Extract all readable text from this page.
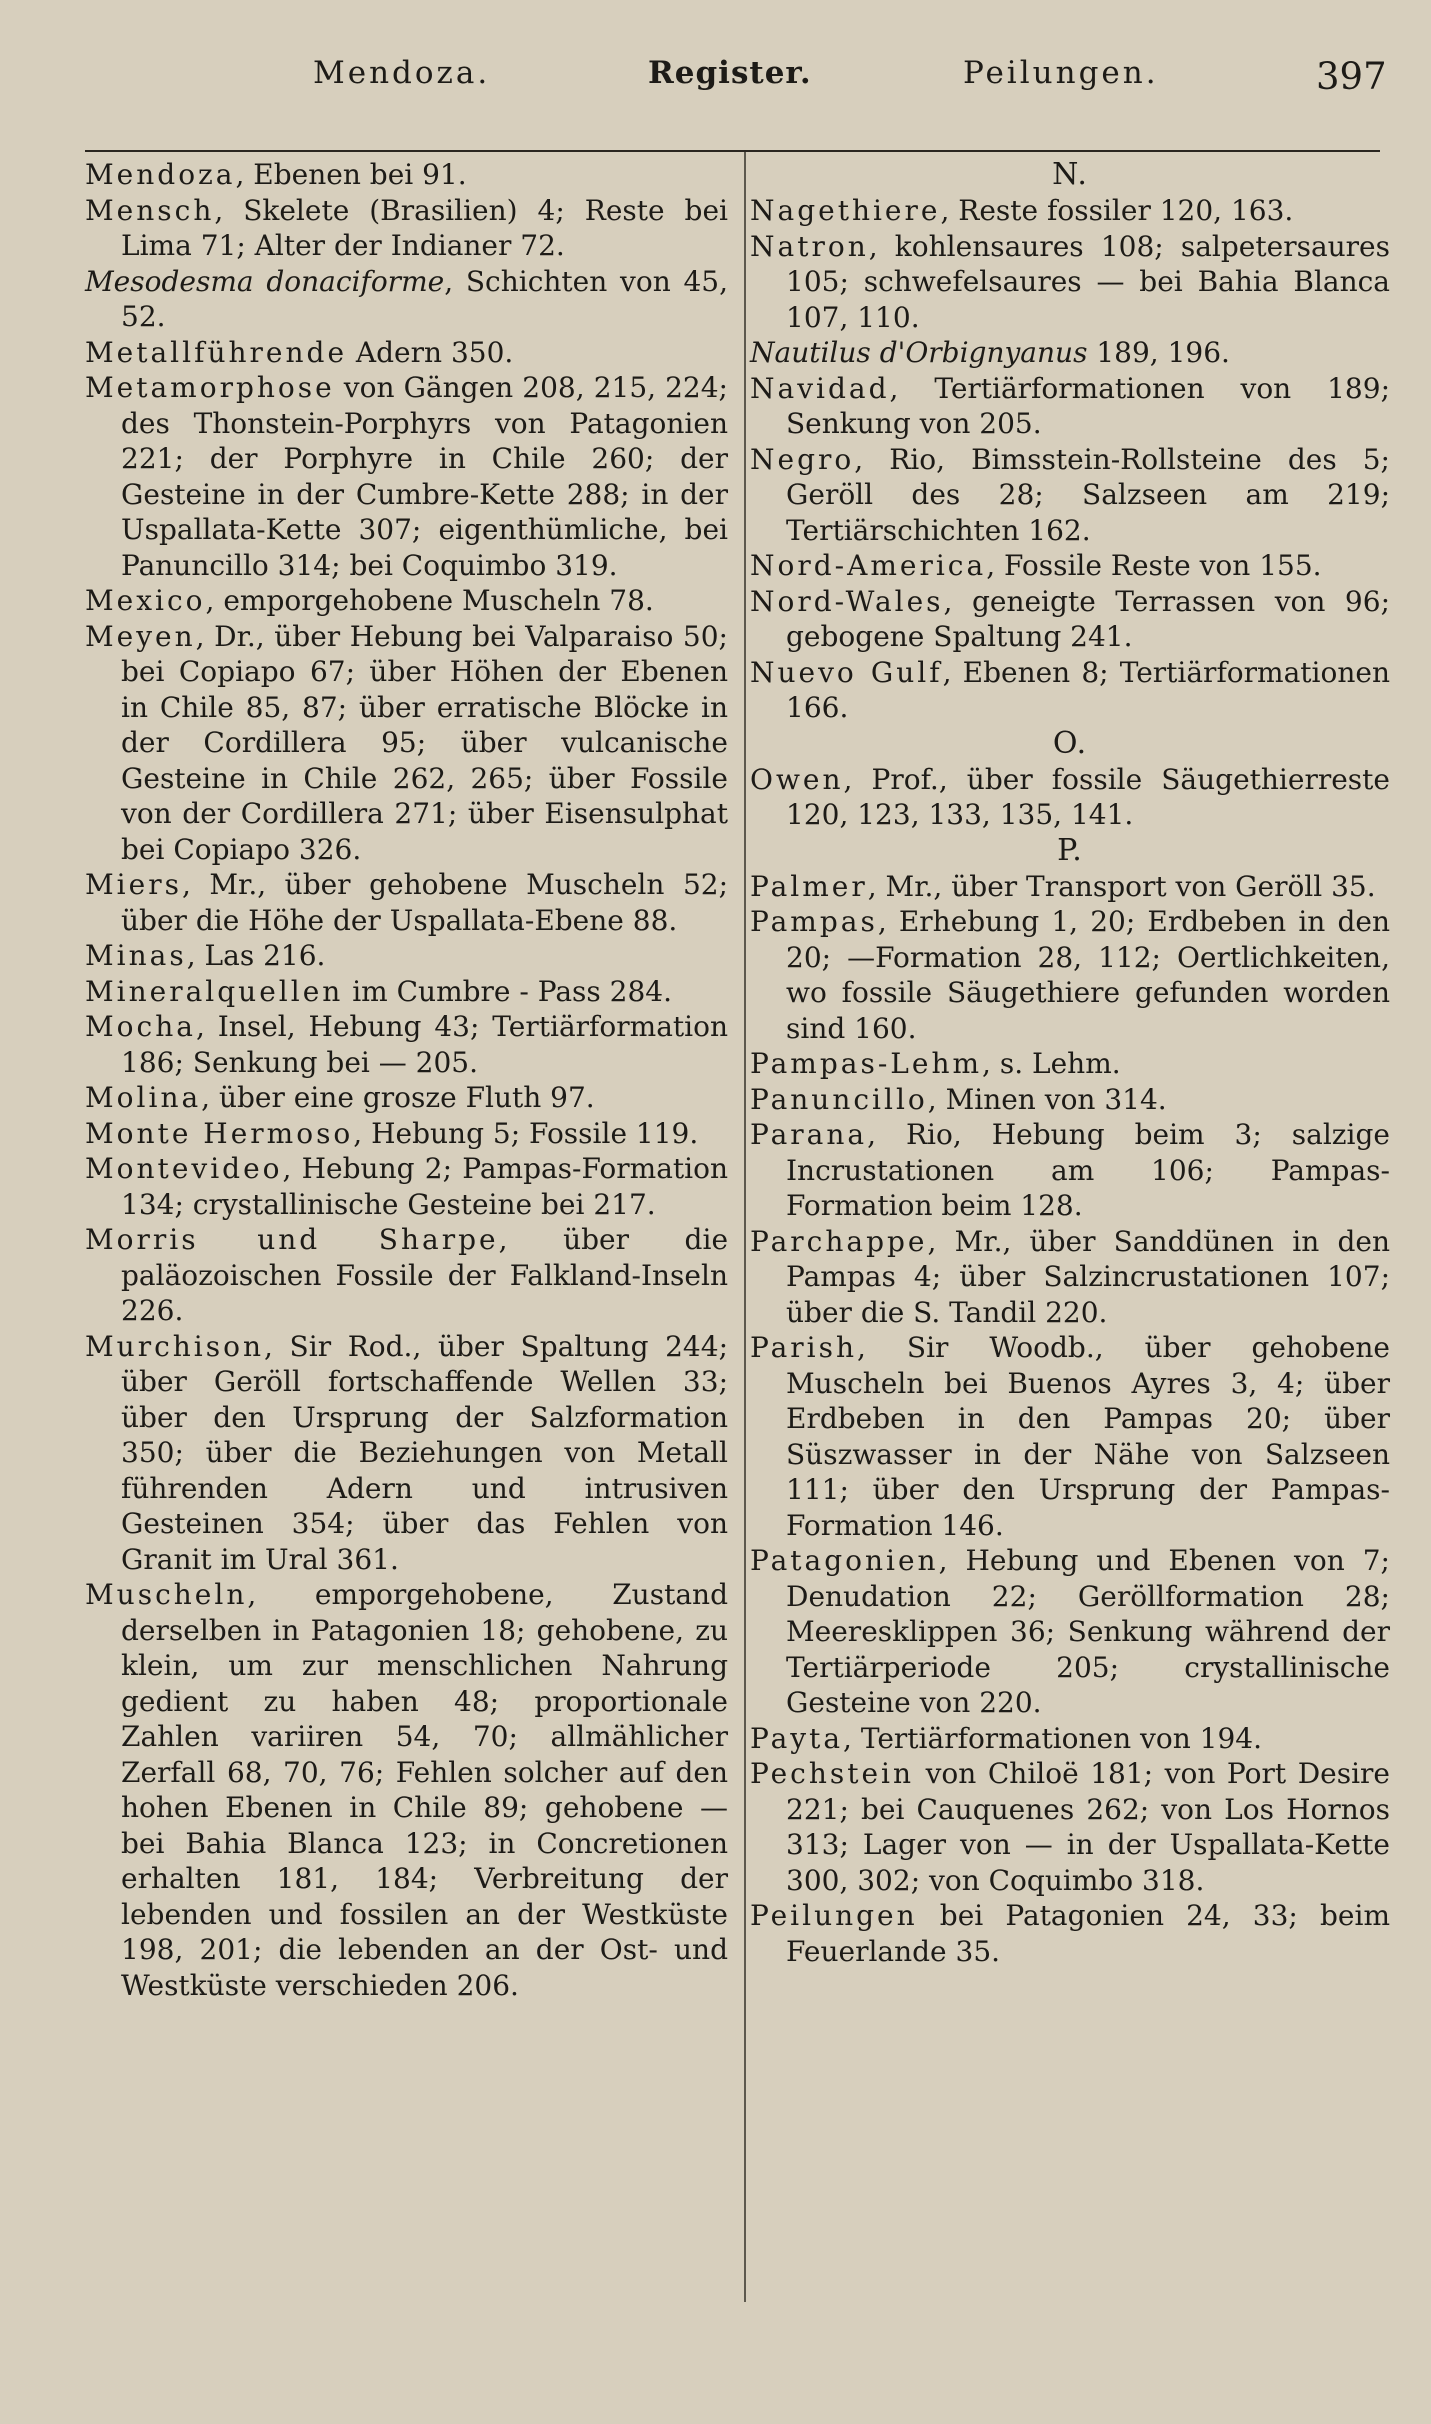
Mendoza.	Register.	Peilungen.	397

Mendoza, Ebenen bei 91.

Mensch, Skelete (Brasilien) 4; Reste bei Lima 71; Alter der Indianer 72.

Mesodesma donaciforme, Schichten von 45, 52.

Metallführende Adern 350.

Metamorphose von Gängen 208, 215, 224; des Thonstein-Porphyrs von Patagonien 221; der Porphyre in Chile 260; der Gesteine in der Cumbre-Kette 288; in der Uspallata-Kette 307; eigenthümliche, bei Panuncillo 314; bei Coquimbo 319.

Mexico, emporgehobene Muscheln 78.

Meyen, Dr., über Hebung bei Valparaiso 50; bei Copiapo 67; über Höhen der Ebenen in Chile 85, 87; über erratische Blöcke in der Cordillera 95; über vulcanische Gesteine in Chile 262, 265; über Fossile von der Cordillera 271; über Eisensulphat bei Copiapo 326.

Miers, Mr., über gehobene Muscheln 52; über die Höhe der Uspallata-Ebene 88.

Minas, Las 216.

Mineralquellen im Cumbre - Pass 284.

Mocha, Insel, Hebung 43; Tertiärformation 186; Senkung bei — 205.

Molina, über eine grosze Fluth 97.

Monte Hermoso, Hebung 5; Fossile 119.

Montevideo, Hebung 2; Pampas-Formation 134; crystallinische Gesteine bei 217.

Morris und Sharpe, über die paläozoischen Fossile der Falkland-Inseln 226.

Murchison, Sir Rod., über Spaltung 244; über Geröll fortschaffende Wellen 33; über den Ursprung der Salzformation 350; über die Beziehungen von Metall führenden Adern und intrusiven Gesteinen 354; über das Fehlen von Granit im Ural 361.

Muscheln, emporgehobene, Zustand derselben in Patagonien 18; gehobene, zu klein, um zur menschlichen Nahrung gedient zu haben 48; proportionale Zahlen variiren 54, 70; allmählicher Zerfall 68, 70, 76; Fehlen solcher auf den hohen Ebenen in Chile 89; gehobene — bei Bahia Blanca 123; in Concretionen erhalten 181, 184; Verbreitung der lebenden und fossilen an der Westküste 198, 201; die lebenden an der Ost- und Westküste verschieden 206.

N.

Nagethiere, Reste fossiler 120, 163.

Natron, kohlensaures 108; salpetersaures 105; schwefelsaures — bei Bahia Blanca 107, 110.

Nautilus d'Orbignyanus 189, 196.

Navidad, Tertiärformationen von 189; Senkung von 205.

Negro, Rio, Bimsstein-Rollsteine des 5; Geröll des 28; Salzseen am 219; Tertiärschichten 162.

Nord-America, Fossile Reste von 155.

Nord-Wales, geneigte Terrassen von 96; gebogene Spaltung 241.

Nuevo Gulf, Ebenen 8; Tertiärformationen 166.

O.

Owen, Prof., über fossile Säugethierreste 120, 123, 133, 135, 141.

P.

Palmer, Mr., über Transport von Geröll 35.

Pampas, Erhebung 1, 20; Erdbeben in den 20; —Formation 28, 112; Oertlichkeiten, wo fossile Säugethiere gefunden worden sind 160.

Pampas-Lehm, s. Lehm.

Panuncillo, Minen von 314.

Parana, Rio, Hebung beim 3; salzige Incrustationen am 106; Pampas-Formation beim 128.

Parchappe, Mr., über Sanddünen in den Pampas 4; über Salzincrustationen 107; über die S. Tandil 220.

Parish, Sir Woodb., über gehobene Muscheln bei Buenos Ayres 3, 4; über Erdbeben in den Pampas 20; über Süszwasser in der Nähe von Salzseen 111; über den Ursprung der Pampas-Formation 146.

Patagonien, Hebung und Ebenen von 7; Denudation 22; Geröllformation 28; Meeresklippen 36; Senkung während der Tertiärperiode 205; crystallinische Gesteine von 220.

Payta, Tertiärformationen von 194.

Pechstein von Chiloë 181; von Port Desire 221; bei Cauquenes 262; von Los Hornos 313; Lager von — in der Uspallata-Kette 300, 302; von Coquimbo 318.

Peilungen bei Patagonien 24, 33; beim Feuerlande 35.
